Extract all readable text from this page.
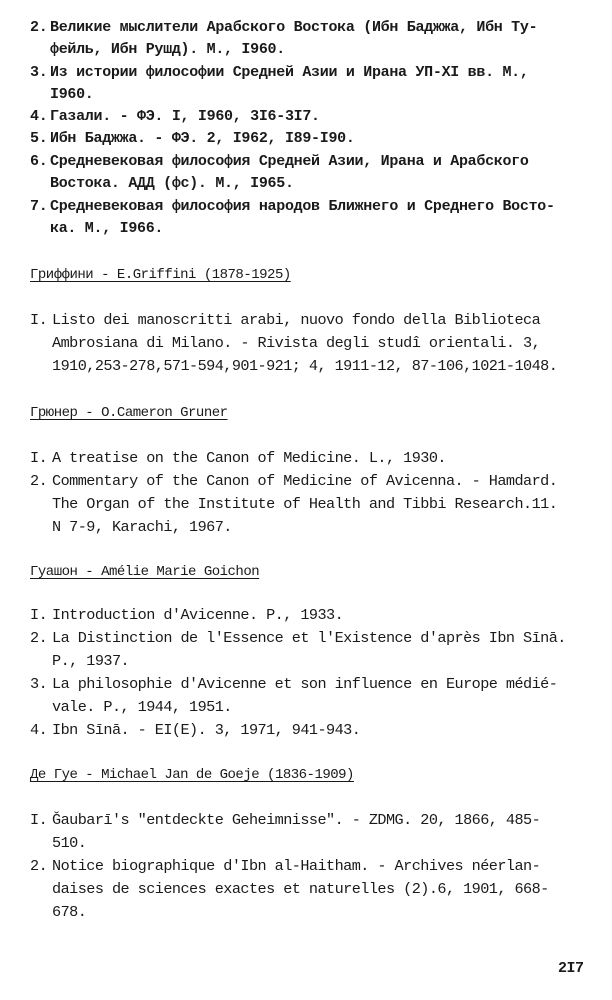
2. Великие мыслители Арабского Востока (Ибн Баджжа, Ибн Ту-
фейль, Ибн Рушд). М., I960.
3. Из истории философии Средней Азии и Ирана УП-XI вв. М.,
I960.
4. Газали. - ФЭ. I, I960, 3I6-3I7.
5. Ибн Баджжа. - ФЭ. 2, I962, I89-I90.
6. Средневековая философия Средней Азии, Ирана и Арабского
Востока. АДД (фс). М., I965.
7. Средневековая философия народов Ближнего и Среднего Восто-
ка. М., I966.
Гриффини - E.Griffini (1878-1925)
I. Listo dei manoscritti arabi, nuovo fondo della Biblioteca
Ambrosiana di Milano. - Rivista degli studî orientali. 3,
1910,253-278,571-594,901-921; 4, 1911-12, 87-106,1021-1048.
Грюнер - O.Cameron Gruner
I. A treatise on the Canon of Medicine. L., 1930.
2. Commentary of the Canon of Medicine of Avicenna. - Hamdard.
The Organ of the Institute of Health and Tibbi Research.11.
N 7-9, Karachi, 1967.
Гуашон - Amélie Marie Goichon
I. Introduction d'Avicenne. P., 1933.
2. La Distinction de l'Essence et l'Existence d'après Ibn Sīnā.
P., 1937.
3. La philosophie d'Avicenne et son influence en Europe médié-
vale. P., 1944, 1951.
4. Ibn Sīnā. - EI(E). 3, 1971, 941-943.
Де Гуе - Michael Jan de Goeje (1836-1909)
I. Ǧaubarī's "entdeckte Geheimnisse". - ZDMG. 20, 1866, 485-
510.
2. Notice biographique d'Ibn al-Haitham. - Archives néerlan-
daises de sciences exactes et naturelles (2).6, 1901, 668-
678.
2I7
